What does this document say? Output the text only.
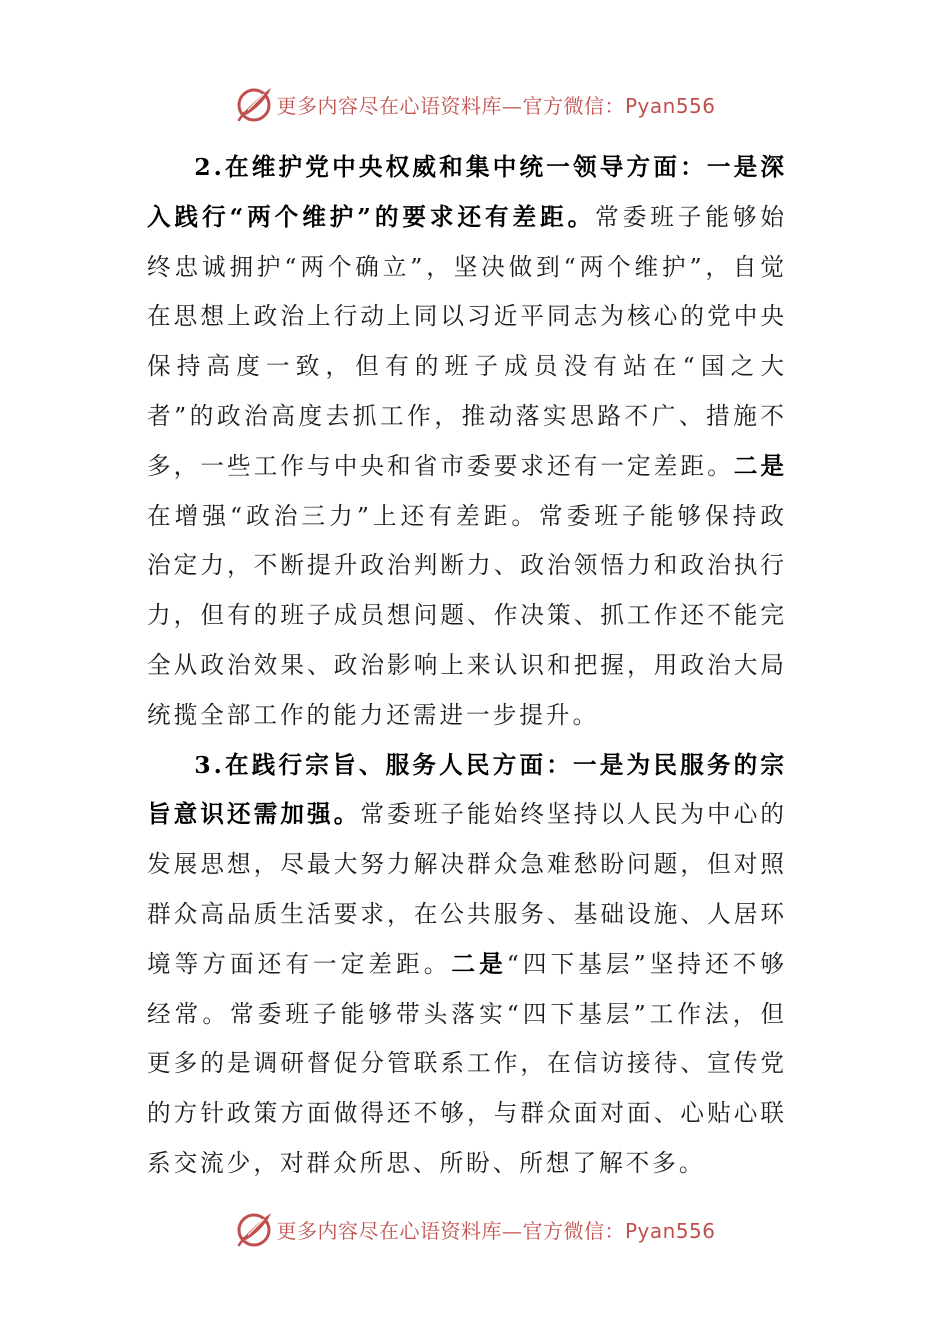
更多内容尽在心语资料库—官方微信：Pyan556

2.在维护党中央权威和集中统一领导方面：一是深入践行“两个维护”的要求还有差距。常委班子能够始终忠诚拥护“两个确立”，坚决做到“两个维护”，自觉在思想上政治上行动上同以习近平同志为核心的党中央保持高度一致，但有的班子成员没有站在“国之大者”的政治高度去抓工作，推动落实思路不广、措施不多，一些工作与中央和省市委要求还有一定差距。二是在增强“政治三力”上还有差距。常委班子能够保持政治定力，不断提升政治判断力、政治领悟力和政治执行力，但有的班子成员想问题、作决策、抓工作还不能完全从政治效果、政治影响上来认识和把握，用政治大局统揽全部工作的能力还需进一步提升。

3.在践行宗旨、服务人民方面：一是为民服务的宗旨意识还需加强。常委班子能始终坚持以人民为中心的发展思想，尽最大努力解决群众急难愁盼问题，但对照群众高品质生活要求，在公共服务、基础设施、人居环境等方面还有一定差距。二是“四下基层”坚持还不够经常。常委班子能够带头落实“四下基层”工作法，但更多的是调研督促分管联系工作，在信访接待、宣传党的方针政策方面做得还不够，与群众面对面、心贴心联系交流少，对群众所思、所盼、所想了解不多。

更多内容尽在心语资料库—官方微信：Pyan556
